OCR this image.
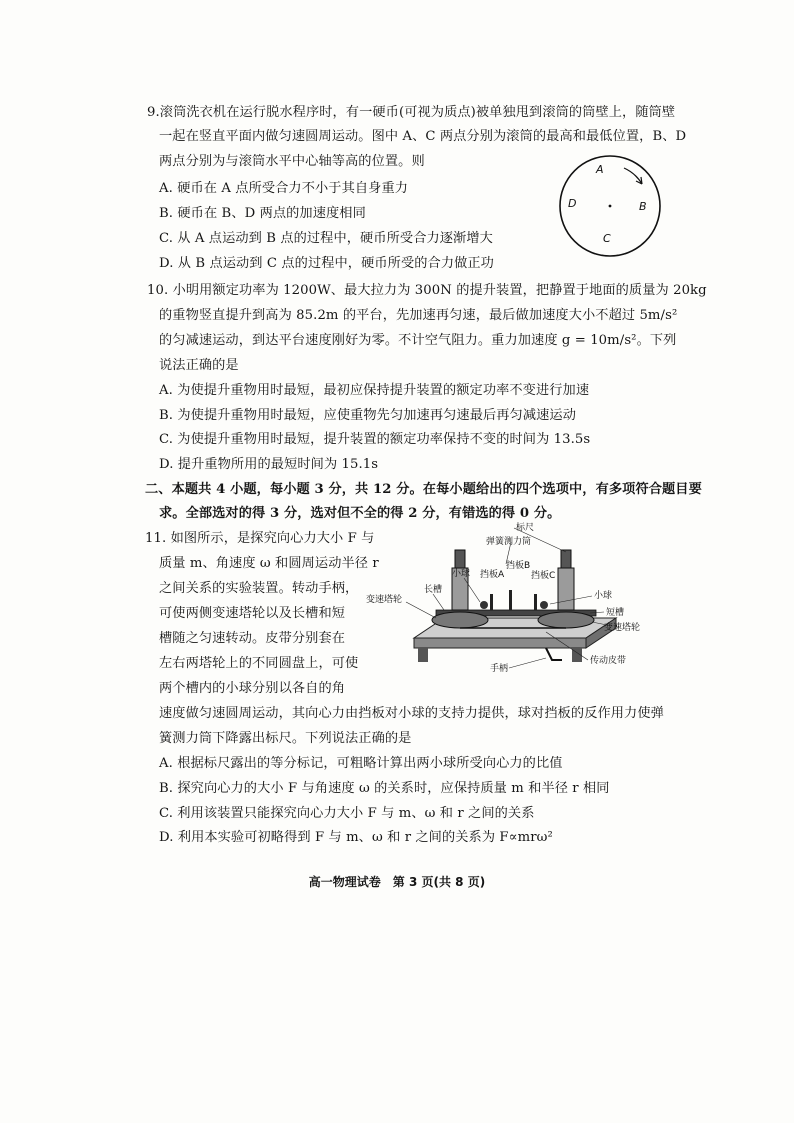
9.滚筒洗衣机在运行脱水程序时，有一硬币(可视为质点)被单独甩到滚筒的筒壁上，随筒壁
一起在竖直平面内做匀速圆周运动。图中 A、C 两点分别为滚筒的最高和最低位置，B、D
两点分别为与滚筒水平中心轴等高的位置。则
A. 硬币在 A 点所受合力不小于其自身重力
B. 硬币在 B、D 两点的加速度相同
C. 从 A 点运动到 B 点的过程中，硬币所受合力逐渐增大
D. 从 B 点运动到 C 点的过程中，硬币所受的合力做正功
A
B
C
D
10. 小明用额定功率为 1200W、最大拉力为 300N 的提升装置，把静置于地面的质量为 20kg
的重物竖直提升到高为 85.2m 的平台，先加速再匀速，最后做加速度大小不超过 5m/s²
的匀减速运动，到达平台速度刚好为零。不计空气阻力。重力加速度 g = 10m/s²。下列
说法正确的是
A. 为使提升重物用时最短，最初应保持提升装置的额定功率不变进行加速
B. 为使提升重物用时最短，应使重物先匀加速再匀速最后再匀减速运动
C. 为使提升重物用时最短，提升装置的额定功率保持不变的时间为 13.5s
D. 提升重物所用的最短时间为 15.1s
二、本题共 4 小题，每小题 3 分，共 12 分。在每小题给出的四个选项中，有多项符合题目要
求。全部选对的得 3 分，选对但不全的得 2 分，有错选的得 0 分。
11. 如图所示，是探究向心力大小 F 与
质量 m、角速度 ω 和圆周运动半径 r
之间关系的实验装置。转动手柄，
可使两侧变速塔轮以及长槽和短
槽随之匀速转动。皮带分别套在
左右两塔轮上的不同圆盘上，可使
两个槽内的小球分别以各自的角
速度做匀速圆周运动，其向心力由挡板对小球的支持力提供，球对挡板的反作用力使弹
簧测力筒下降露出标尺。下列说法正确的是
A. 根据标尺露出的等分标记，可粗略计算出两小球所受向心力的比值
B. 探究向心力的大小 F 与角速度 ω 的关系时，应保持质量 m 和半径 r 相同
C. 利用该装置只能探究向心力大小 F 与 m、ω 和 r 之间的关系
D. 利用本实验可初略得到 F 与 m、ω 和 r 之间的关系为 F∝mrω²
标尺
弹簧测力筒
小球 挡板A
挡板B
挡板C
长槽
变速塔轮	小球
短槽
变速塔轮
传动皮带
手柄
高一物理试卷　第 3 页(共 8 页)
